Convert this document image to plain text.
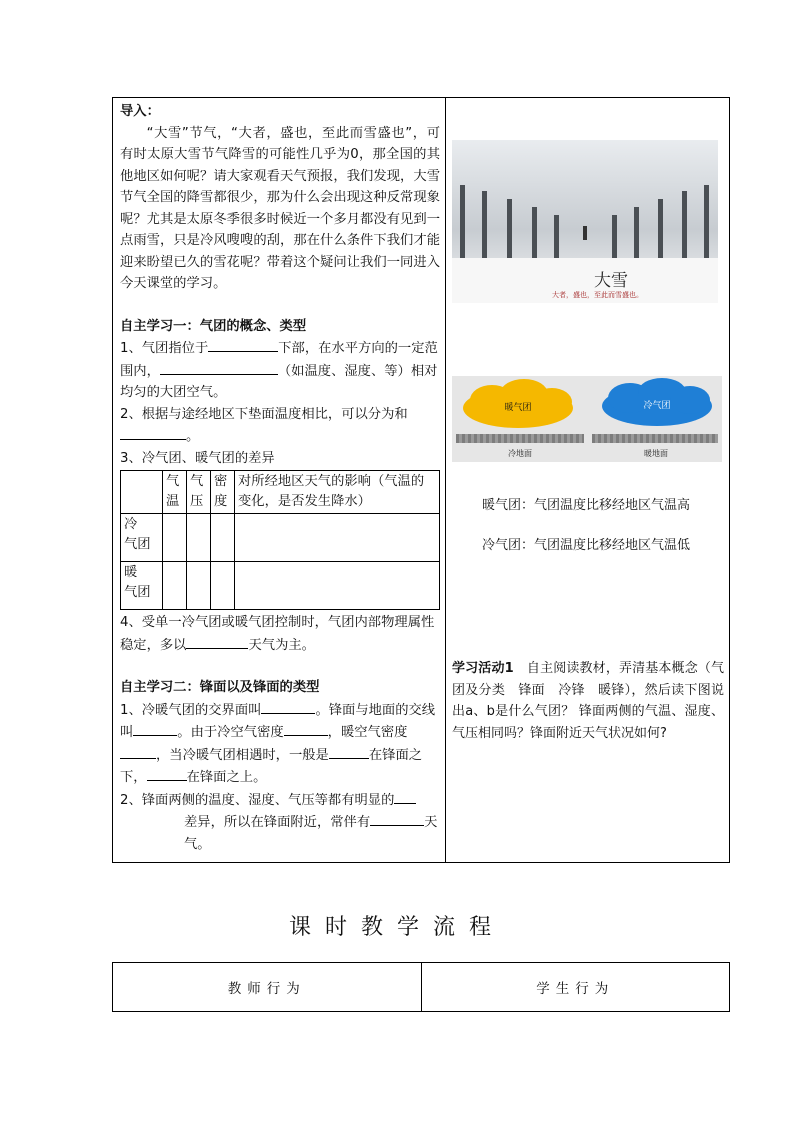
导入：

“大雪”节气，“大者，盛也，至此而雪盛也”，可有时太原大雪节气降雪的可能性几乎为0，那全国的其他地区如何呢？请大家观看天气预报，我们发现，大雪节气全国的降雪都很少，那为什么会出现这种反常现象呢？尤其是太原冬季很多时候近一个多月都没有见到一点雨雪，只是冷风嗖嗖的刮，那在什么条件下我们才能迎来盼望已久的雪花呢？带着这个疑问让我们一同进入今天课堂的学习。

自主学习一：气团的概念、类型

1、气团指位于	下部，在水平方向的一定范围内，	（如温度、湿度、等）相对均匀的大团空气。

2、根据与途经地区下垫面温度相比，可以分为和。

3、冷气团、暖气团的差异

	气温	气压	密度	对所经地区天气的影响（气温的变化，是否发生降水）
冷　气团				
暖　气团				

4、受单一冷气团或暖气团控制时，气团内部物理属性稳定，多以	天气为主。

自主学习二：锋面以及锋面的类型

1、冷暖气团的交界面叫	。锋面与地面的交线叫	。由于冷空气密度	，暖空气密度，当冷暖气团相遇时，一般是	在锋面之下，	在锋面之上。

2、锋面两侧的温度、湿度、气压等都有明显的

差异，所以在锋面附近，常伴有	天气。

大雪
大者，盛也，至此而雪盛也。
暖气团	冷气团
冷地面	暖地面

暖气团：气团温度比移经地区气温高

冷气团：气团温度比移经地区气温低

学习活动1　自主阅读教材，弄清基本概念（气团及分类　锋面　冷锋　暖锋），然后读下图说出a、b是什么气团？ 锋面两侧的气温、湿度、气压相同吗？锋面附近天气状况如何?

课时教学流程
教师行为	学生行为
